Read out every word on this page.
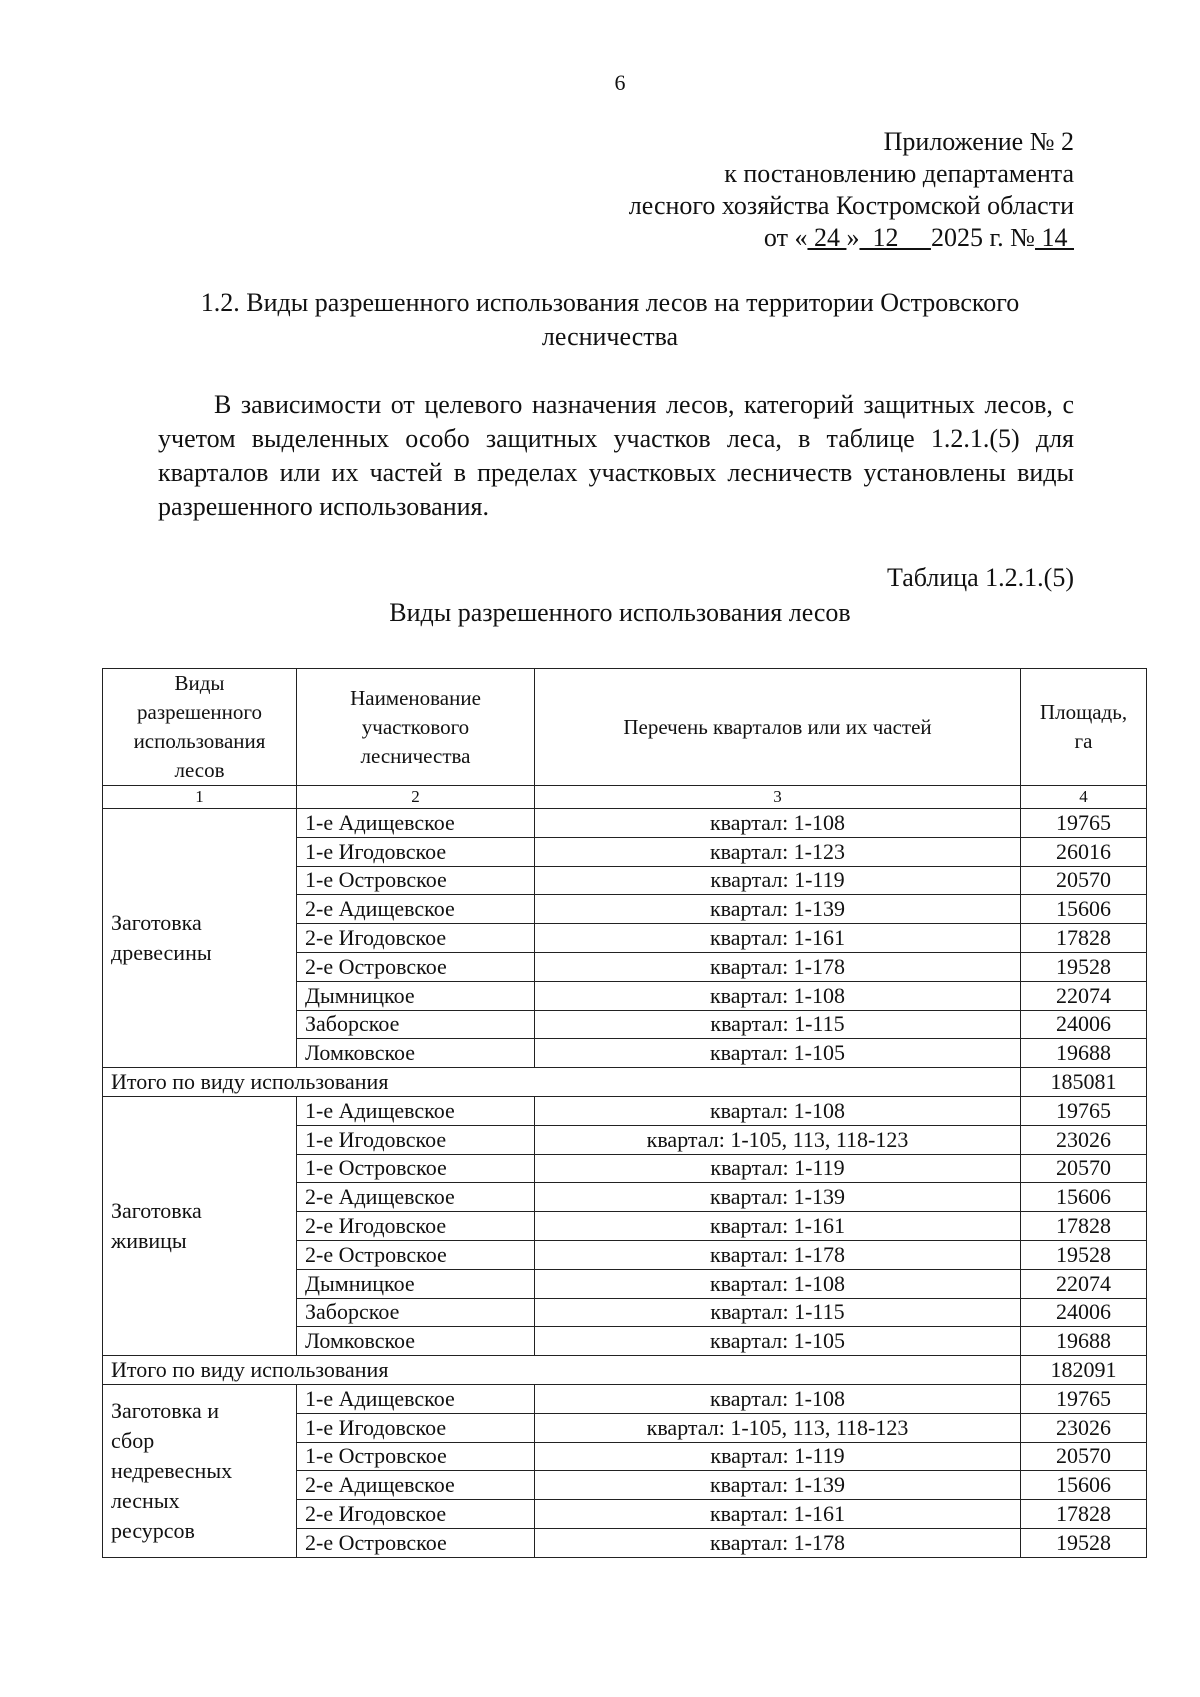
6
Приложение № 2
к постановлению департамента
лесного хозяйства Костромской области
от « 24 »  12     2025 г. № 14
1.2. Виды разрешенного использования лесов на территории Островского
лесничества

В зависимости от целевого назначения лесов, категорий защитных лесов, с учетом выделенных особо защитных участков леса, в таблице 1.2.1.(5) для кварталов или их частей в пределах участковых лесничеств установлены виды разрешенного использования.

Таблица 1.2.1.(5)
Виды разрешенного использования лесов
Виды разрешенного использования лесов	Наименование участкового лесничества	Перечень кварталов или их частей	Площадь, га
1	2	3	4

Заготовка
древесины	1-е Адищевское	квартал: 1-108	19765
	1-е Игодовское	квартал: 1-123	26016
	1-е Островское	квартал: 1-119	20570
	2-е Адищевское	квартал: 1-139	15606
	2-е Игодовское	квартал: 1-161	17828
	2-е Островское	квартал: 1-178	19528
	Дымницкое	квартал: 1-108	22074
	Заборское	квартал: 1-115	24006
	Ломковское	квартал: 1-105	19688
Итого по виду использования			185081

Заготовка
живицы	1-е Адищевское	квартал: 1-108	19765
	1-е Игодовское	квартал: 1-105, 113, 118-123	23026
	1-е Островское	квартал: 1-119	20570
	2-е Адищевское	квартал: 1-139	15606
	2-е Игодовское	квартал: 1-161	17828
	2-е Островское	квартал: 1-178	19528
	Дымницкое	квартал: 1-108	22074
	Заборское	квартал: 1-115	24006
	Ломковское	квартал: 1-105	19688
Итого по виду использования			182091

Заготовка и
сбор
недревесных
лесных
ресурсов	1-е Адищевское	квартал: 1-108	19765
	1-е Игодовское	квартал: 1-105, 113, 118-123	23026
	1-е Островское	квартал: 1-119	20570
	2-е Адищевское	квартал: 1-139	15606
	2-е Игодовское	квартал: 1-161	17828
	2-е Островское	квартал: 1-178	19528
